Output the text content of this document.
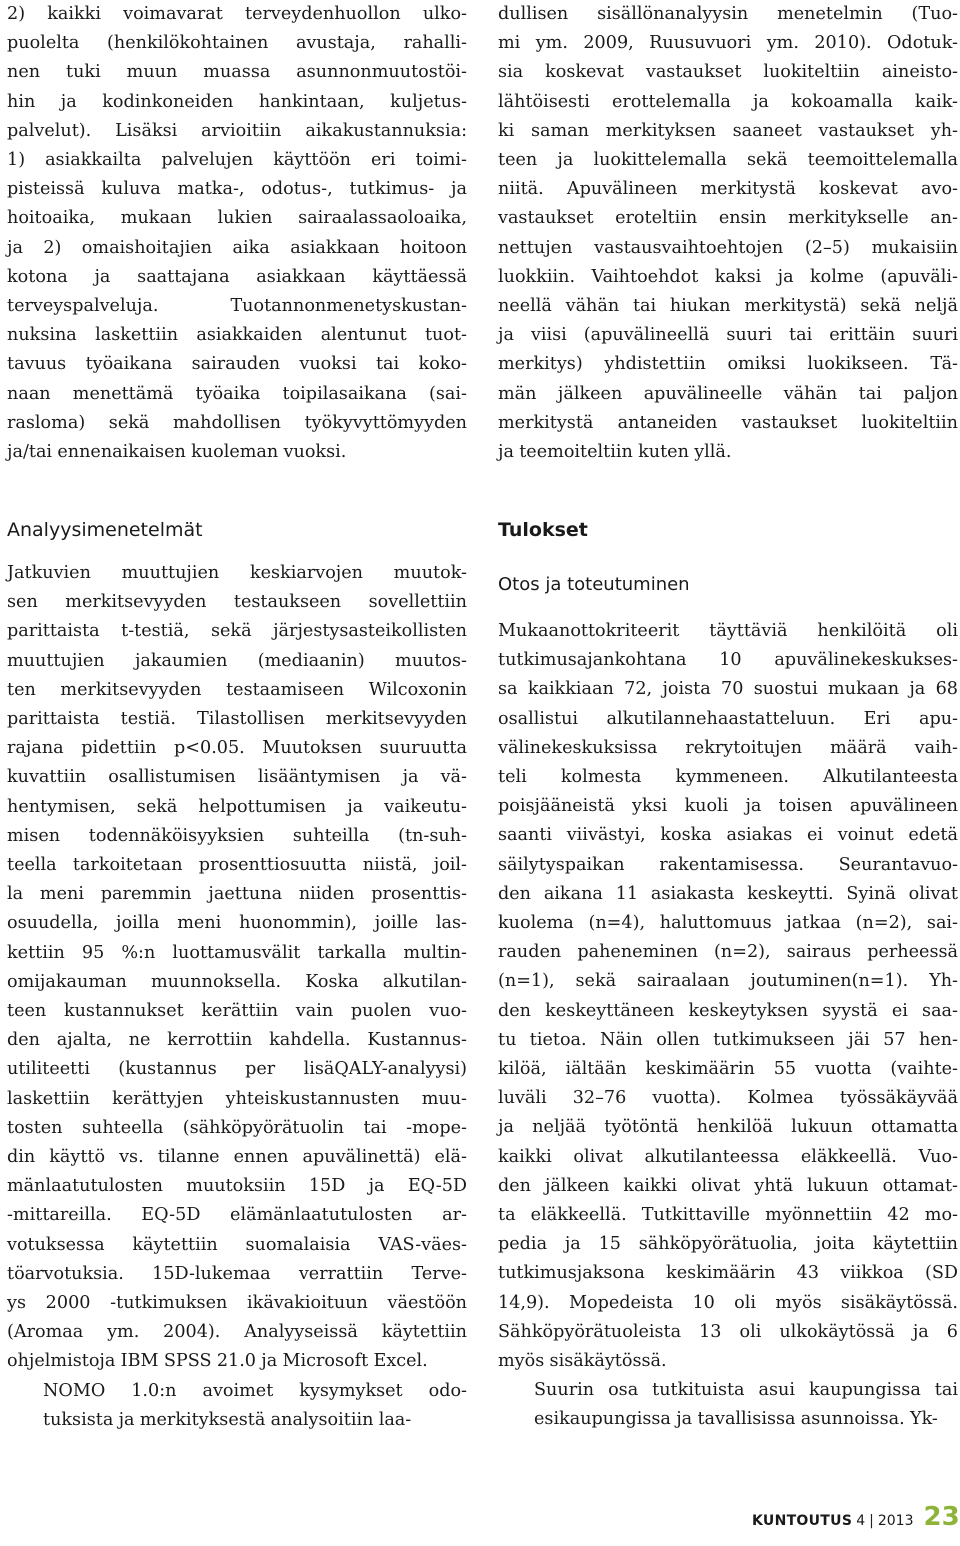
2) kaikki voimavarat terveydenhuollon ulko-
puolelta (henkilökohtainen avustaja, rahalli-
nen tuki muun muassa asunnonmuutostöi-
hin ja kodinkoneiden hankintaan, kuljetus-
palvelut). Lisäksi arvioitiin aikakustannuksia:
1) asiakkailta palvelujen käyttöön eri toimi-
pisteissä kuluva matka-, odotus-, tutkimus- ja
hoitoaika, mukaan lukien sairaalassaoloaika,
ja 2) omaishoitajien aika asiakkaan hoitoon
kotona ja saattajana asiakkaan käyttäessä
terveyspalveluja. Tuotannonmenetyskustan-
nuksina laskettiin asiakkaiden alentunut tuot-
tavuus työaikana sairauden vuoksi tai koko-
naan menettämä työaika toipilasaikana (sai-
rasloma) sekä mahdollisen työkyvyttömyyden
ja/tai ennenaikaisen kuoleman vuoksi.

Analyysimenetelmät

Jatkuvien muuttujien keskiarvojen muutok-
sen merkitsevyyden testaukseen sovellettiin
parittaista t-testiä, sekä järjestysasteikollisten
muuttujien jakaumien (mediaanin) muutos-
ten merkitsevyyden testaamiseen Wilcoxonin
parittaista testiä. Tilastollisen merkitsevyyden
rajana pidettiin p<0.05. Muutoksen suuruutta
kuvattiin osallistumisen lisääntymisen ja vä-
hentymisen, sekä helpottumisen ja vaikeutu-
misen todennäköisyyksien suhteilla (tn-suh-
teella tarkoitetaan prosenttiosuutta niistä, joil-
la meni paremmin jaettuna niiden prosenttis-
osuudella, joilla meni huonommin), joille las-
kettiin 95 %:n luottamusvälit tarkalla multin-
omijakauman muunnoksella. Koska alkutilan-
teen kustannukset kerättiin vain puolen vuo-
den ajalta, ne kerrottiin kahdella. Kustannus-
utiliteetti (kustannus per lisäQALY-analyysi)
laskettiin kerättyjen yhteiskustannusten muu-
tosten suhteella (sähköpyörätuolin tai -mope-
din käyttö vs. tilanne ennen apuvälinettä) elä-
mänlaatutulosten muutoksiin 15D ja EQ-5D
-mittareilla. EQ-5D elämänlaatutulosten ar-
votuksessa käytettiin suomalaisia VAS-väes-
töarvotuksia. 15D-lukemaa verrattiin Terve-
ys 2000 -tutkimuksen ikävakioituun väestöön
(Aromaa ym. 2004). Analyyseissä käytettiin
ohjelmistoja IBM SPSS 21.0 ja Microsoft Excel.

NOMO 1.0:n avoimet kysymykset odo-
tuksista ja merkityksestä analysoitiin laa-

dullisen sisällönanalyysin menetelmin (Tuo-
mi ym. 2009, Ruusuvuori ym. 2010). Odotuk-
sia koskevat vastaukset luokiteltiin aineisto-
lähtöisesti erottelemalla ja kokoamalla kaik-
ki saman merkityksen saaneet vastaukset yh-
teen ja luokittelemalla sekä teemoittelemalla
niitä. Apuvälineen merkitystä koskevat avo-
vastaukset eroteltiin ensin merkitykselle an-
nettujen vastausvaihtoehtojen (2–5) mukaisiin
luokkiin. Vaihtoehdot kaksi ja kolme (apuväli-
neellä vähän tai hiukan merkitystä) sekä neljä
ja viisi (apuvälineellä suuri tai erittäin suuri
merkitys) yhdistettiin omiksi luokikseen. Tä-
män jälkeen apuvälineelle vähän tai paljon
merkitystä antaneiden vastaukset luokiteltiin
ja teemoiteltiin kuten yllä.

Tulokset
Otos ja toteutuminen

Mukaanottokriteerit täyttäviä henkilöitä oli
tutkimusajankohtana 10 apuvälinekeskukses-
sa kaikkiaan 72, joista 70 suostui mukaan ja 68
osallistui alkutilannehaastatteluun. Eri apu-
välinekeskuksissa rekrytoitujen määrä vaih-
teli kolmesta kymmeneen. Alkutilanteesta
poisjääneistä yksi kuoli ja toisen apuvälineen
saanti viivästyi, koska asiakas ei voinut edetä
säilytyspaikan rakentamisessa. Seurantavuo-
den aikana 11 asiakasta keskeytti. Syinä olivat
kuolema (n=4), haluttomuus jatkaa (n=2), sai-
rauden paheneminen (n=2), sairaus perheessä
(n=1), sekä sairaalaan joutuminen(n=1). Yh-
den keskeyttäneen keskeytyksen syystä ei saa-
tu tietoa. Näin ollen tutkimukseen jäi 57 hen-
kilöä, iältään keskimäärin 55 vuotta (vaihte-
luväli 32–76 vuotta). Kolmea työssäkäyvää
ja neljää työtöntä henkilöä lukuun ottamatta
kaikki olivat alkutilanteessa eläkkeellä. Vuo-
den jälkeen kaikki olivat yhtä lukuun ottamat-
ta eläkkeellä. Tutkittaville myönnettiin 42 mo-
pedia ja 15 sähköpyörätuolia, joita käytettiin
tutkimusjaksona keskimäärin 43 viikkoa (SD
14,9). Mopedeista 10 oli myös sisäkäytössä.
Sähköpyörätuoleista 13 oli ulkokäytössä ja 6
myös sisäkäytössä.

Suurin osa tutkituista asui kaupungissa tai
esikaupungissa ja tavallisissa asunnoissa. Yk-

KUNTOUTUS 4 | 2013 23
